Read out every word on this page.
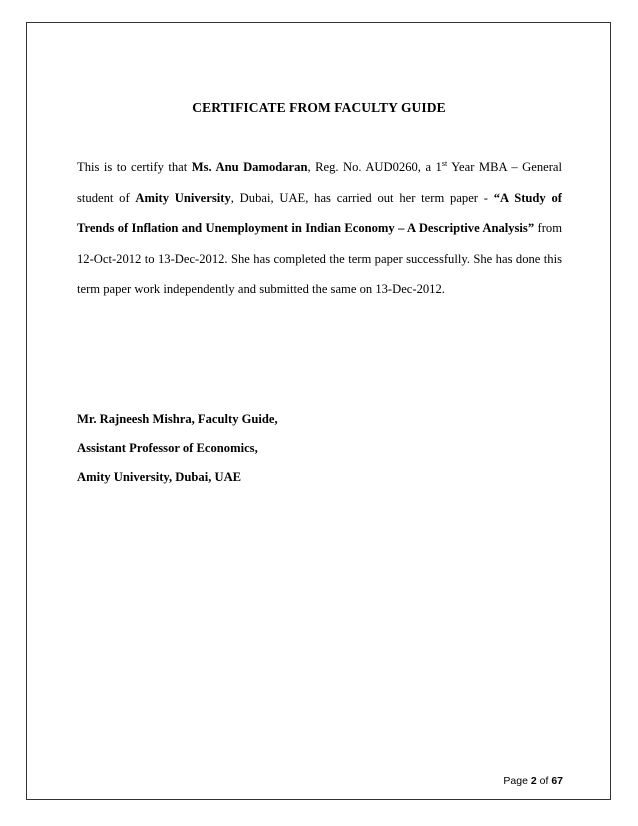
CERTIFICATE FROM FACULTY GUIDE
This is to certify that Ms. Anu Damodaran, Reg. No. AUD0260, a 1st Year MBA – General student of Amity University, Dubai, UAE, has carried out her term paper - “A Study of Trends of Inflation and Unemployment in Indian Economy – A Descriptive Analysis” from 12-Oct-2012 to 13-Dec-2012. She has completed the term paper successfully. She has done this term paper work independently and submitted the same on 13-Dec-2012.
Mr. Rajneesh Mishra, Faculty Guide,
Assistant Professor of Economics,
Amity University, Dubai, UAE
Page 2 of 67
